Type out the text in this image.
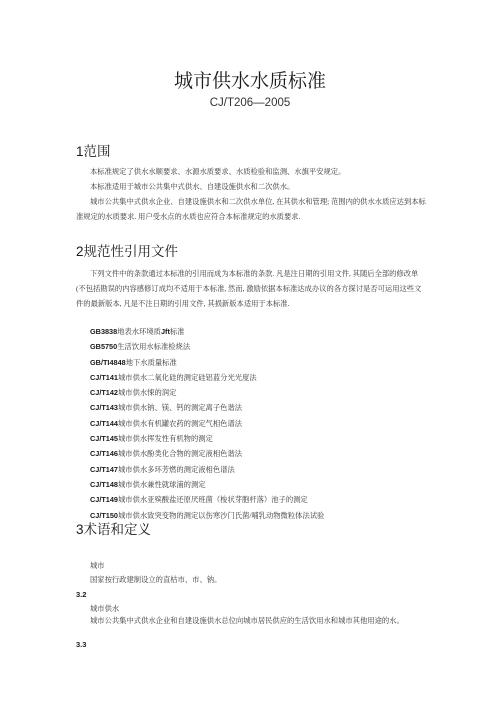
城市供水水质标准
CJ/T206—2005
1范围

本标准规定了供水水顺要求、水源水质要求、水质检验和监测、水旗平安规定。

本标准适用于城市公共集中式供水、自建设施供水和二次供水。

城市公共集中式供水企业、自建设施供水和二次供水单位, 在其供水和管理; 范围内的供水水质应达到本标准规定的水质要求. 用户受水点的水质也应符合本标准规定的水质要求.

2规范性引用文件

下列文件中的条款通过本标准的引用而成为本标准的条款. 凡是注日期的引用文件, 其随后全部的修改单(不包括勘误的内容感修订成均不适用于本标准, 然而, 激励依据本标准达成办议的各方探讨是否可运用这些文件的最新版本, 凡是不注日期的引用文件, 其损新版本适用于本标准.

GB3838地表水环境质Jft标准
GB5750生活饮用水标准检烧法
GB/TI4848地下水质量标准
CJ/T141城市供水二氧化硅的测定硅铝蓝分光光度法
CJ/T142城市供水悚的润定
CJ/T143城市供水钠、镁、钙的测定离子色谐法
CJ/T144城市供水有机罐农药的测定气相色谱法
CJ/T145城市供水挥发性有机物的测定
CJ/T146城市供水酚类化合物的测定液相色谐法
CJ/T147城市供水多环芳燃的测定液相色谱法
CJ/T148城市供水兼性就球浦的测定
CJ/T149城市供水亚殡酸盐还原厌班菌（梭状芽胞杆落）池子的测定
CJ/T150城市供水致突变物的测定以伤寒沙门氏菌/哺乳动物微粒体法试验
3术语和定义

城市

国家按行政建制设立的直枯市、市、钠。

3.2

城市供水

城市公共集中式供水企业和自建设施供水总位向城市居民供应的生活饮用水和城市其他用途的水。

3.3
